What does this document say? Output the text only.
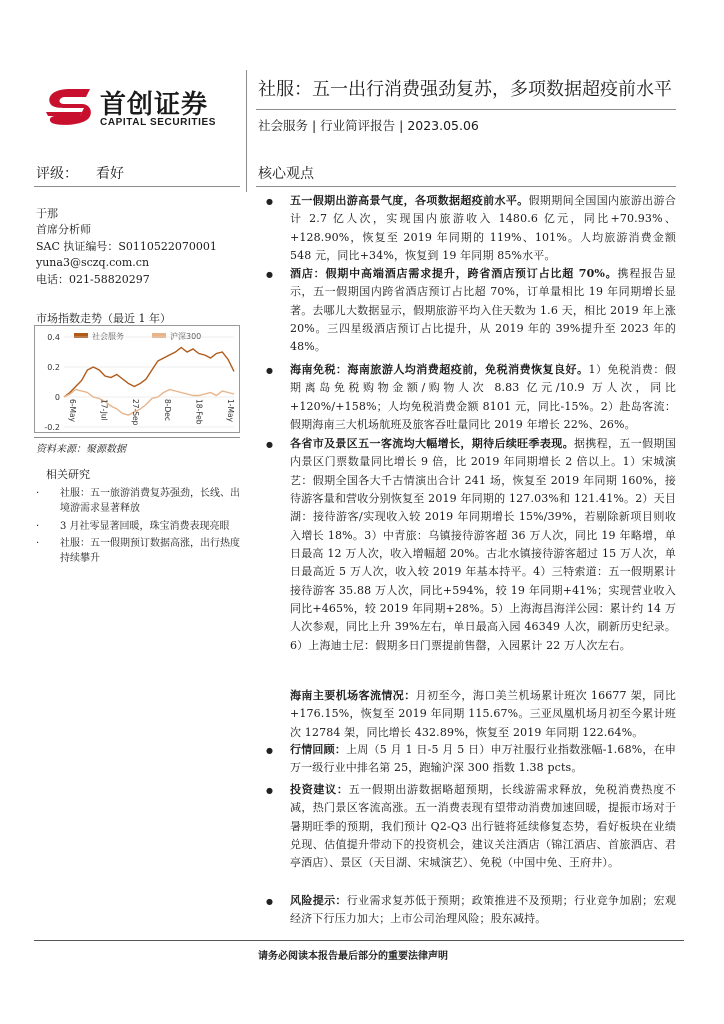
首创证券
CAPITAL SECURITIES
社服：五一出行消费强劲复苏，多项数据超疫前水平
社会服务 | 行业简评报告 | 2023.05.06
评级： 看好
于那
首席分析师
SAC 执证编号：S0110522070001
yuna3@sczq.com.cn
电话：021-58820297
市场指数走势（最近 1 年）
社会服务	沪深300
0.4
0.2
0
-0.2
6-May	17-Jul	27-Sep	8-Dec	18-Feb	1-May
资料来源：聚源数据
相关研究
· 社服：五一旅游消费复苏强劲，长线、出境游需求显著释放
· 3 月社零显著回暖，珠宝消费表现亮眼
· 社服：五一假期预订数据高涨，出行热度持续攀升
核心观点
● 五一假期出游高景气度，各项数据超疫前水平。假期期间全国国内旅游出游合计 2.7 亿人次，实现国内旅游收入 1480.6 亿元，同比+70.93%、+128.90%，恢复至 2019 年同期的 119%、101%。人均旅游消费金额 548 元，同比+34%，恢复到 19 年同期 85%水平。
● 酒店：假期中高端酒店需求提升，跨省酒店预订占比超 70%。携程报告显示，五一假期国内跨省酒店预订占比超 70%，订单量相比 19 年同期增长显著。去哪儿大数据显示，假期旅游平均入住天数为 1.6 天，相比 2019 年上涨 20%。三四星级酒店预订占比提升，从 2019 年的 39%提升至 2023 年的 48%。
● 海南免税：海南旅游人均消费超疫前，免税消费恢复良好。1）免税消费：假期离岛免税购物金额/购物人次 8.83 亿元/10.9 万人次，同比+120%/+158%；人均免税消费金额 8101 元，同比-15%。2）赴岛客流：假期海南三大机场航班及旅客吞吐量同比 2019 年增长 22%、26%。
● 各省市及景区五一客流均大幅增长，期待后续旺季表现。据携程，五一假期国内景区门票数量同比增长 9 倍，比 2019 年同期增长 2 倍以上。1）宋城演艺：假期全国各大千古情演出合计 241 场，恢复至 2019 年同期 160%，接待游客量和营收分别恢复至 2019 年同期的 127.03%和 121.41%。2）天目湖：接待游客/实现收入较 2019 年同期增长 15%/39%，若剔除新项目则收入增长 18%。3）中青旅：乌镇接待游客超 36 万人次，同比 19 年略增，单日最高 12 万人次，收入增幅超 20%。古北水镇接待游客超过 15 万人次，单日最高近 5 万人次，收入较 2019 年基本持平。4）三特索道：五一假期累计接待游客 35.88 万人次，同比+594%，较 19 年同期+41%；实现营业收入同比+465%，较 2019 年同期+28%。5）上海海昌海洋公园：累计约 14 万人次参观，同比上升 39%左右，单日最高入园 46349 人次，刷新历史纪录。6）上海迪士尼：假期多日门票提前售罄，入园累计 22 万人次左右。
海南主要机场客流情况：月初至今，海口美兰机场累计班次 16677 架，同比+176.15%，恢复至 2019 年同期 115.67%。三亚凤凰机场月初至今累计班次 12784 架，同比增长 432.89%，恢复至 2019 年同期 122.64%。
● 行情回顾：上周（5 月 1 日-5 月 5 日）申万社服行业指数涨幅-1.68%，在申万一级行业中排名第 25，跑输沪深 300 指数 1.38 pcts。
● 投资建议：五一假期出游数据略超预期，长线游需求释放，免税消费热度不减，热门景区客流高涨。五一消费表现有望带动消费加速回暖，提振市场对于暑期旺季的预期，我们预计 Q2-Q3 出行链将延续修复态势，看好板块在业绩兑现、估值提升带动下的投资机会，建议关注酒店（锦江酒店、首旅酒店、君亭酒店）、景区（天目湖、宋城演艺）、免税（中国中免、王府井）。
● 风险提示：行业需求复苏低于预期；政策推进不及预期；行业竞争加剧；宏观经济下行压力加大；上市公司治理风险；股东减持。
请务必阅读本报告最后部分的重要法律声明
